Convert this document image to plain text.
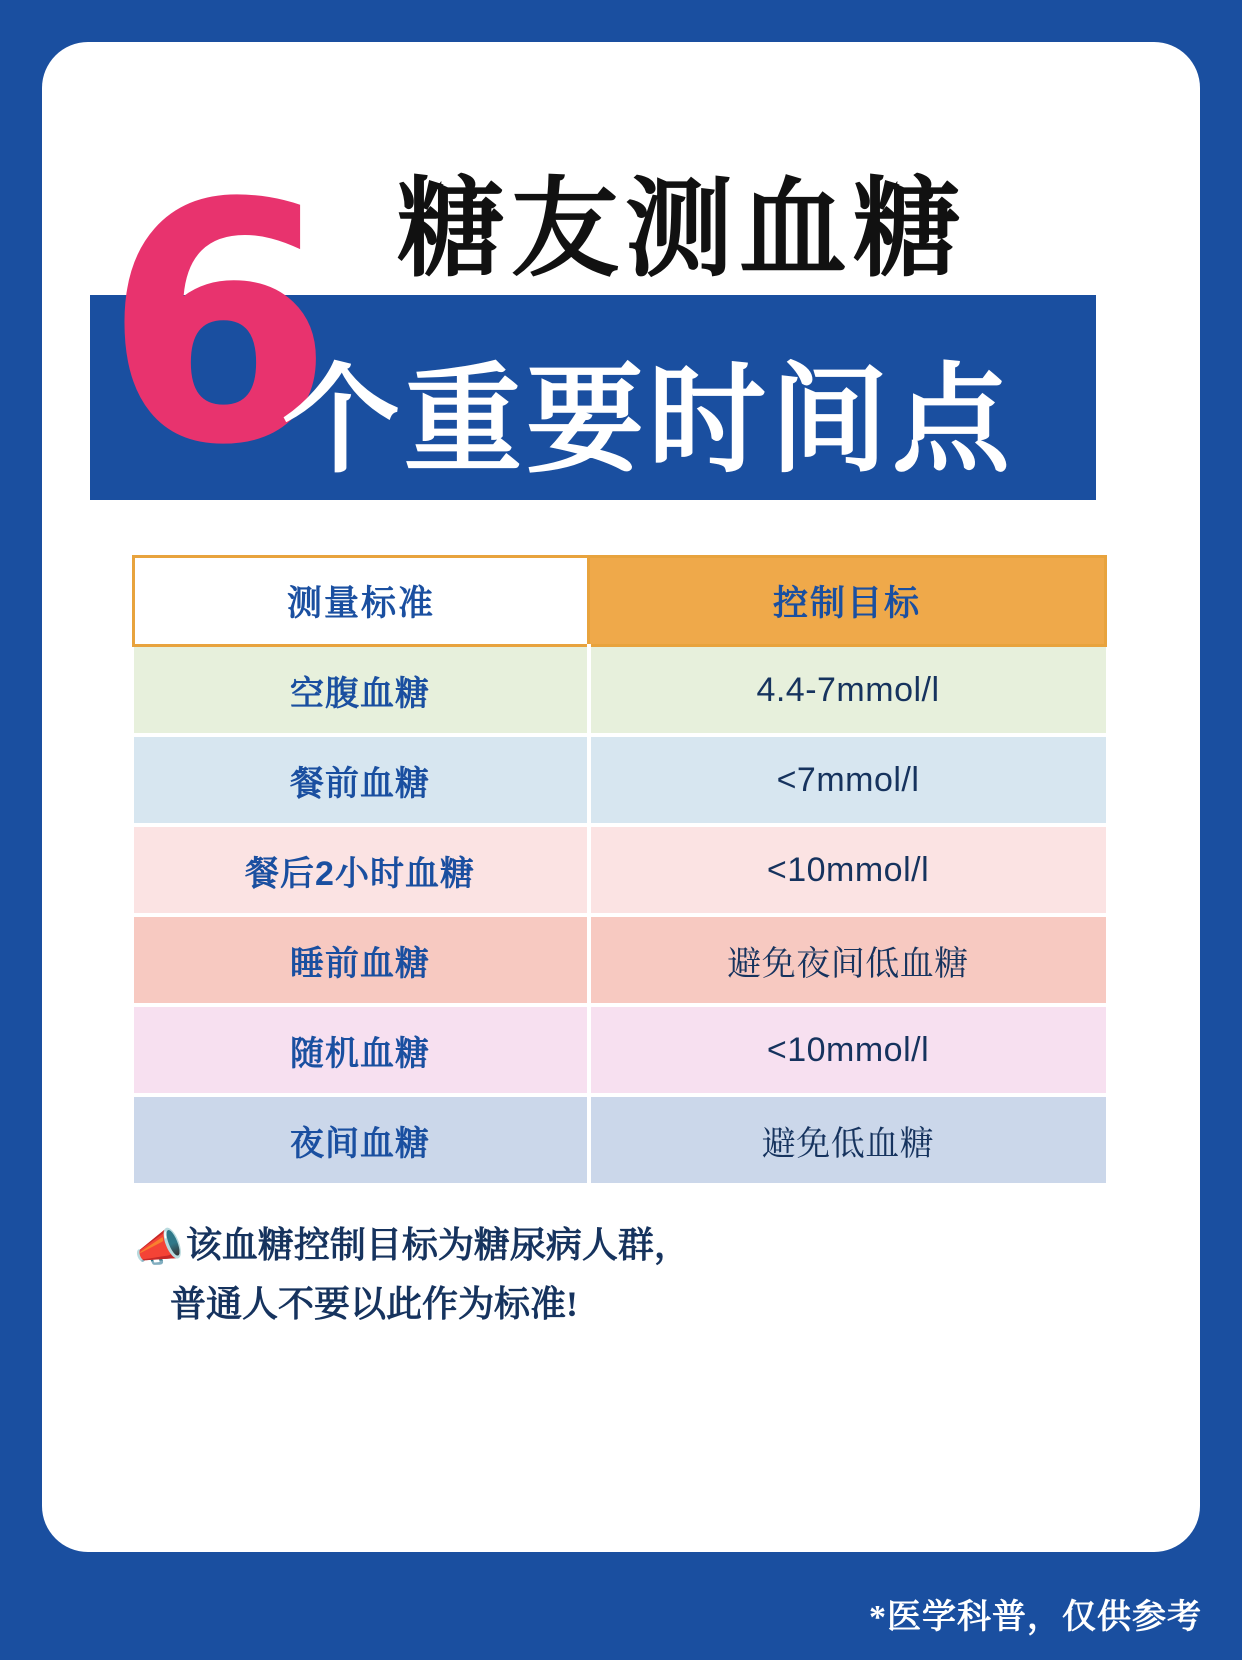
6 糖友测血糖
个重要时间点
测量标准	控制目标
空腹血糖	4.4-7mmol/l
餐前血糖	<7mmol/l
餐后2小时血糖	<10mmol/l
睡前血糖	避免夜间低血糖
随机血糖	<10mmol/l
夜间血糖	避免低血糖
📣该血糖控制目标为糖尿病人群，
普通人不要以此作为标准!
*医学科普，仅供参考
